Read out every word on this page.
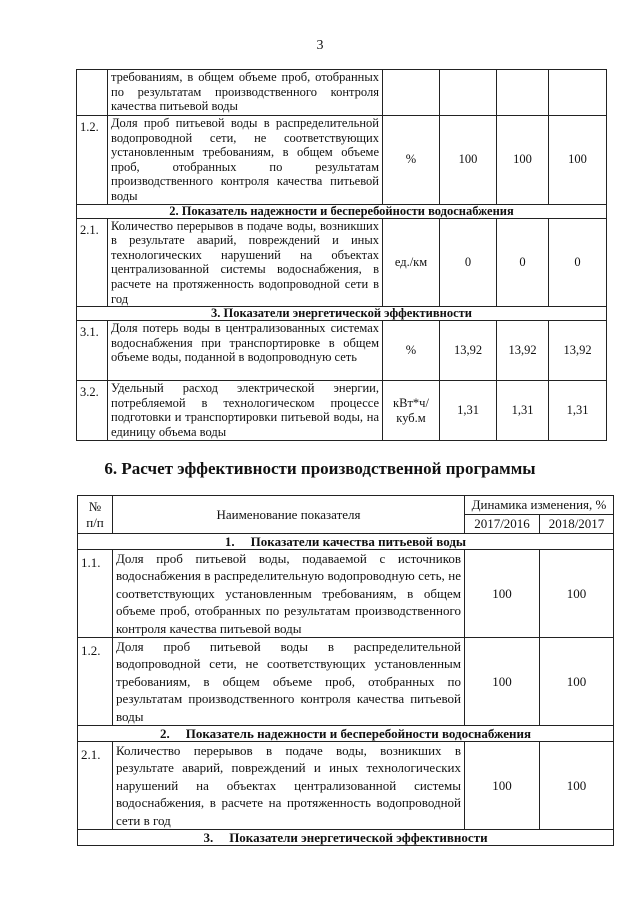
3
	требованиям, в общем объеме проб, отобранных по результатам производственного контроля качества питьевой воды				
1.2.	Доля проб питьевой воды в распределительной водопроводной сети, не соответствующих установленным требованиям, в общем объеме проб, отобранных по результатам производственного контроля качества питьевой воды	%	100	100	100
2. Показатель надежности и бесперебойности водоснабжения					
2.1.	Количество перерывов в подаче воды, возникших в результате аварий, повреждений и иных технологических нарушений на объектах централизованной системы водоснабжения, в расчете на протяженность водопроводной сети в год	ед./км	0	0	0
3. Показатели энергетической эффективности					
3.1.	Доля потерь воды в централизованных системах водоснабжения при транспортировке в общем объеме воды, поданной в водопроводную сеть	%	13,92	13,92	13,92
3.2.	Удельный расход электрической энергии, потребляемой в технологическом процессе подготовки и транспортировки питьевой воды, на единицу объема воды	кВт*ч/ куб.м	1,31	1,31	1,31
6. Расчет эффективности производственной программы
№
п/п	Наименование показателя	Динамика изменения, %	
		2017/2016	2018/2017
1. Показатели качества питьевой воды			
1.1.	Доля проб питьевой воды, подаваемой с источников водоснабжения в распределительную водопроводную сеть, не соответствующих установленным требованиям, в общем объеме проб, отобранных по результатам производственного контроля качества питьевой воды	100	100
1.2.	Доля проб питьевой воды в распределительной водопроводной сети, не соответствующих установленным требованиям, в общем объеме проб, отобранных по результатам производственного контроля качества питьевой воды	100	100
2. Показатель надежности и бесперебойности водоснабжения			
2.1.	Количество перерывов в подаче воды, возникших в результате аварий, повреждений и иных технологических нарушений на объектах централизованной системы водоснабжения, в расчете на протяженность водопроводной сети в год	100	100
3. Показатели энергетической эффективности			
